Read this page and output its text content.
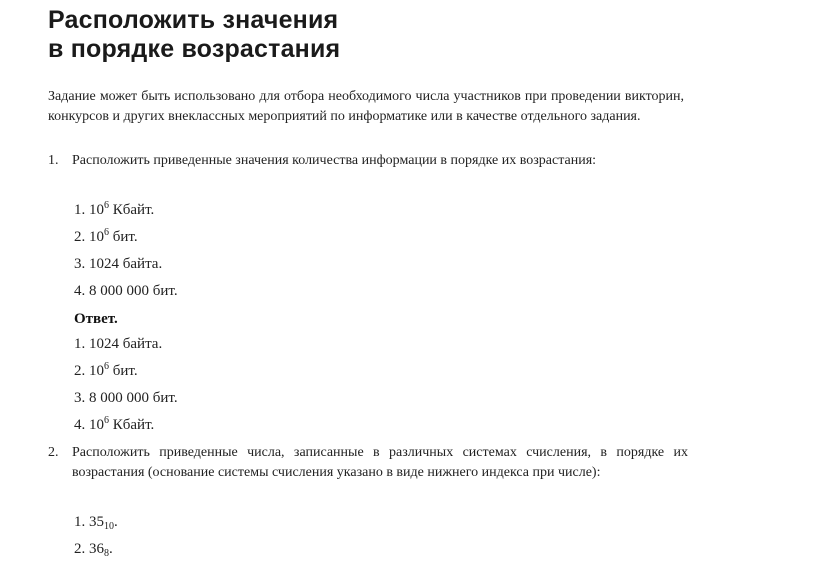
Расположить значения
в порядке возрастания
Задание может быть использовано для отбора необходимого числа участников при проведении викторин, конкурсов и других внеклассных мероприятий по информатике или в качестве отдельного задания.
1. Расположить приведенные значения количества информации в порядке их возрастания:
1. $10^6$ Кбайт.
2. $10^6$ бит.
3. 1024 байта.
4. 8 000 000 бит.
Ответ.
1. 1024 байта.
2. $10^6$ бит.
3. 8 000 000 бит.
4. $10^6$ Кбайт.
2. Расположить приведенные числа, записанные в различных системах счисления, в порядке их возрастания (основание системы счисления указано в виде нижнего индекса при числе):
1. $35_{10}$.
2. $36_8$.
